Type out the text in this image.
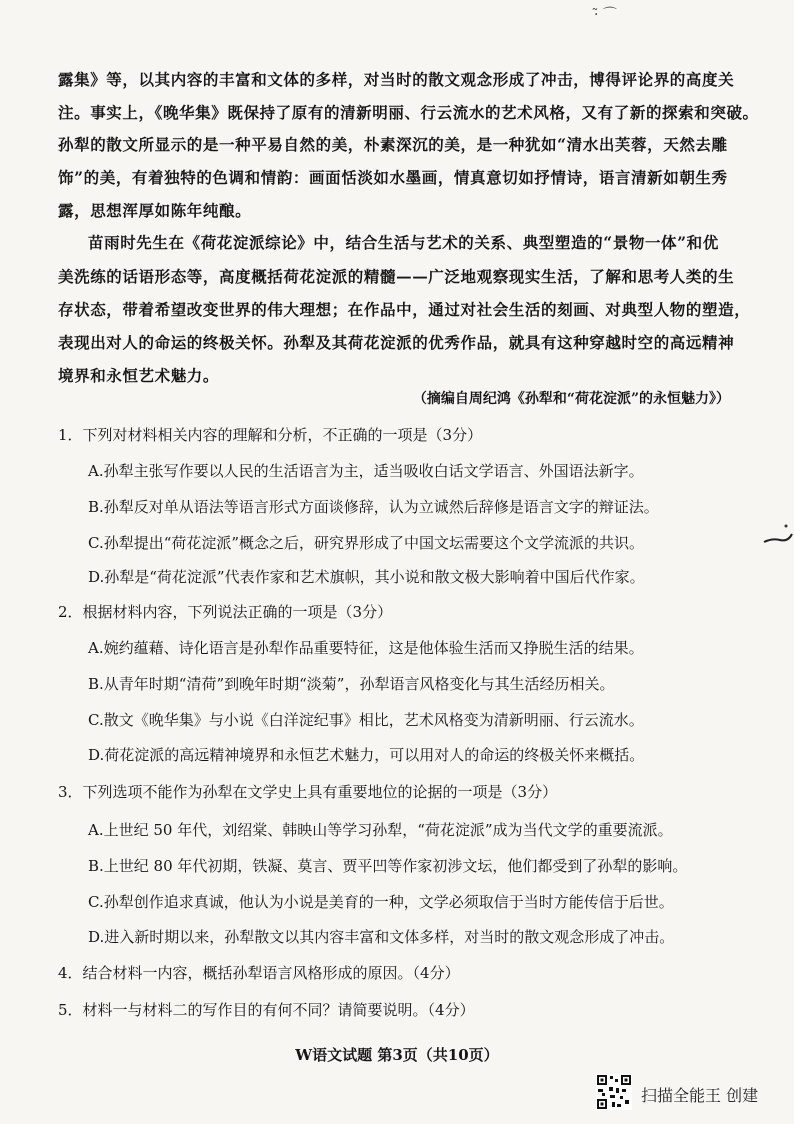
·̃ ⌒
露集》等，以其内容的丰富和文体的多样，对当时的散文观念形成了冲击，博得评论界的高度关
注。事实上，《晚华集》既保持了原有的清新明丽、行云流水的艺术风格，又有了新的探索和突破。
孙犁的散文所显示的是一种平易自然的美，朴素深沉的美，是一种犹如“清水出芙蓉，天然去雕
饰”的美，有着独特的色调和情韵：画面恬淡如水墨画，情真意切如抒情诗，语言清新如朝生秀
露，思想浑厚如陈年纯酿。
苗雨时先生在《荷花淀派综论》中，结合生活与艺术的关系、典型塑造的“景物一体”和优
美洗练的话语形态等，高度概括荷花淀派的精髓——广泛地观察现实生活，了解和思考人类的生
存状态，带着希望改变世界的伟大理想；在作品中，通过对社会生活的刻画、对典型人物的塑造，
表现出对人的命运的终极关怀。孙犁及其荷花淀派的优秀作品，就具有这种穿越时空的高远精神
境界和永恒艺术魅力。
（摘编自周纪鸿《孙犁和“荷花淀派”的永恒魅力》）
1．下列对材料相关内容的理解和分析，不正确的一项是（3分）
A.孙犁主张写作要以人民的生活语言为主，适当吸收白话文学语言、外国语法新字。
B.孙犁反对单从语法等语言形式方面谈修辞，认为立诚然后辞修是语言文字的辩证法。
C.孙犁提出“荷花淀派”概念之后，研究界形成了中国文坛需要这个文学流派的共识。
D.孙犁是“荷花淀派”代表作家和艺术旗帜，其小说和散文极大影响着中国后代作家。
2．根据材料内容，下列说法正确的一项是（3分）
A.婉约蕴藉、诗化语言是孙犁作品重要特征，这是他体验生活而又挣脱生活的结果。
B.从青年时期“清荷”到晚年时期“淡菊”，孙犁语言风格变化与其生活经历相关。
C.散文《晚华集》与小说《白洋淀纪事》相比，艺术风格变为清新明丽、行云流水。
D.荷花淀派的高远精神境界和永恒艺术魅力，可以用对人的命运的终极关怀来概括。
3．下列选项不能作为孙犁在文学史上具有重要地位的论据的一项是（3分）
A.上世纪 50 年代，刘绍棠、韩映山等学习孙犁，“荷花淀派”成为当代文学的重要流派。
B.上世纪 80 年代初期，铁凝、莫言、贾平凹等作家初涉文坛，他们都受到了孙犁的影响。
C.孙犁创作追求真诚，他认为小说是美育的一种，文学必须取信于当时方能传信于后世。
D.进入新时期以来，孙犁散文以其内容丰富和文体多样，对当时的散文观念形成了冲击。
4．结合材料一内容，概括孙犁语言风格形成的原因。（4分）
5．材料一与材料二的写作目的有何不同？请简要说明。（4分）
W语文试题 第3页（共10页）
扫描全能王 创建
